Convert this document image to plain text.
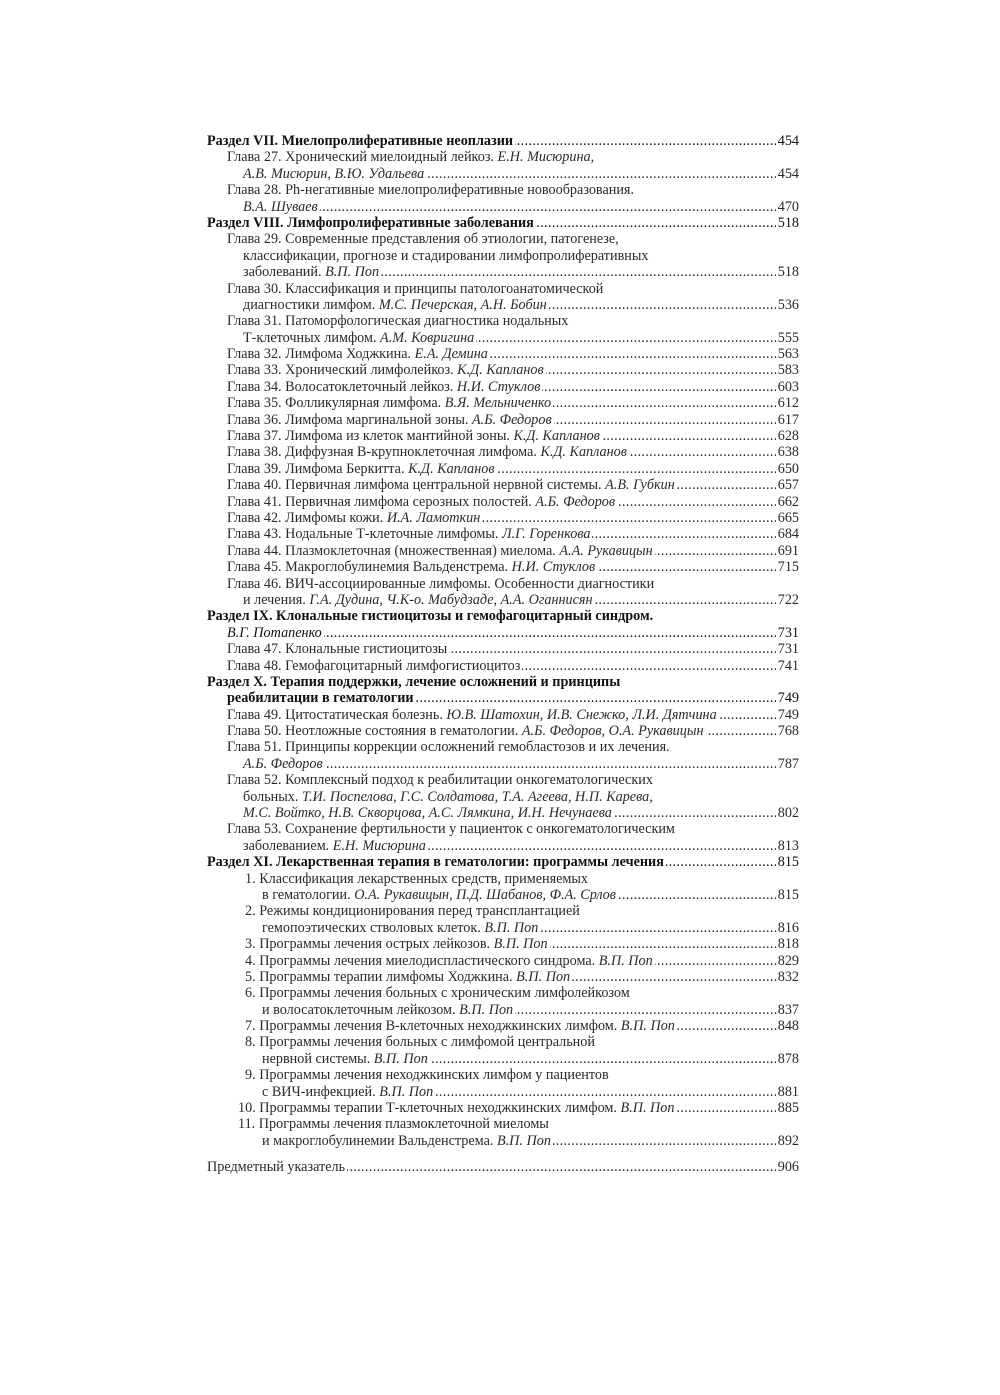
Раздел VII. Миелопролиферативные неоплазии . . .	454
Глава 27. Хронический миелоидный лейкоз. Е.Н. Мисюрина,
А.В. Мисюрин, В.Ю. Удальева . . .	454
Глава 28. Ph-негативные миелопролиферативные новообразования.
В.А. Шуваев . . .	470
Раздел VIII. Лимфопролиферативные заболевания . . .	518
Глава 29. Современные представления об этиологии, патогенезе,
классификации, прогнозе и стадировании лимфопролиферативных
заболеваний. В.П. Поп . . .	518
Глава 30. Классификация и принципы патологоанатомической
диагностики лимфом. М.С. Печерская, А.Н. Бобин . . .	536
Глава 31. Патоморфологическая диагностика нодальных
Т-клеточных лимфом. А.М. Ковригина . . .	555
Глава 32. Лимфома Ходжкина. Е.А. Демина . . .	563
Глава 33. Хронический лимфолейкоз. К.Д. Капланов . . .	583
Глава 34. Волосатоклеточный лейкоз. Н.И. Стуклов . . .	603
Глава 35. Фолликулярная лимфома. В.Я. Мельниченко . . .	612
Глава 36. Лимфома маргинальной зоны. А.Б. Федоров . . .	617
Глава 37. Лимфома из клеток мантийной зоны. К.Д. Капланов . . .	628
Глава 38. Диффузная В-крупноклеточная лимфома. К.Д. Капланов . . .	638
Глава 39. Лимфома Беркитта. К.Д. Капланов . . .	650
Глава 40. Первичная лимфома центральной нервной системы. А.В. Губкин . . .	657
Глава 41. Первичная лимфома серозных полостей. А.Б. Федоров . . .	662
Глава 42. Лимфомы кожи. И.А. Ламоткин . . .	665
Глава 43. Нодальные Т-клеточные лимфомы. Л.Г. Горенкова . . .	684
Глава 44. Плазмоклеточная (множественная) миелома. А.А. Рукавицын . . .	691
Глава 45. Макроглобулинемия Вальденстрема. Н.И. Стуклов . . .	715
Глава 46. ВИЧ-ассоциированные лимфомы. Особенности диагностики
и лечения. Г.А. Дудина, Ч.К-о. Мабудзаде, А.А. Оганнисян . . .	722
Раздел IX. Клональные гистиоцитозы и гемофагоцитарный синдром.
В.Г. Потапенко . . .	731
Глава 47. Клональные гистиоцитозы . . .	731
Глава 48. Гемофагоцитарный лимфогистиоцитоз . . .	741
Раздел X. Терапия поддержки, лечение осложнений и принципы
реабилитации в гематологии . . .	749
Глава 49. Цитостатическая болезнь. Ю.В. Шатохин, И.В. Снежко, Л.И. Дятчина . . .	749
Глава 50. Неотложные состояния в гематологии. А.Б. Федоров, О.А. Рукавицын . . .	768
Глава 51. Принципы коррекции осложнений гемобластозов и их лечения.
А.Б. Федоров . . .	787
Глава 52. Комплексный подход к реабилитации онкогематологических
больных. Т.И. Поспелова, Г.С. Солдатова, Т.А. Агеева, Н.П. Карева,
М.С. Войтко, Н.В. Скворцова, А.С. Лямкина, И.Н. Нечунаева . . .	802
Глава 53. Сохранение фертильности у пациенток с онкогематологическим
заболеванием. Е.Н. Мисюрина . . .	813
Раздел XI. Лекарственная терапия в гематологии: программы лечения . . .	815
1. Классификация лекарственных средств, применяемых
в гематологии. О.А. Рукавицын, П.Д. Шабанов, Ф.А. Срлов . . .	815
2. Режимы кондиционирования перед трансплантацией
гемопоэтических стволовых клеток. В.П. Поп . . .	816
3. Программы лечения острых лейкозов. В.П. Поп . . .	818
4. Программы лечения миелодиспластического синдрома. В.П. Поп . . .	829
5. Программы терапии лимфомы Ходжкина. В.П. Поп . . .	832
6. Программы лечения больных с хроническим лимфолейкозом
и волосатоклеточным лейкозом. В.П. Поп . . .	837
7. Программы лечения В-клеточных неходжкинских лимфом. В.П. Поп . . .	848
8. Программы лечения больных с лимфомой центральной
нервной системы. В.П. Поп . . .	878
9. Программы лечения неходжкинских лимфом у пациентов
с ВИЧ-инфекцией. В.П. Поп . . .	881
10. Программы терапии Т-клеточных неходжкинских лимфом. В.П. Поп . . .	885
11. Программы лечения плазмоклеточной миеломы
и макроглобулинемии Вальденстрема. В.П. Поп . . .	892
Предметный указатель . . .	906
